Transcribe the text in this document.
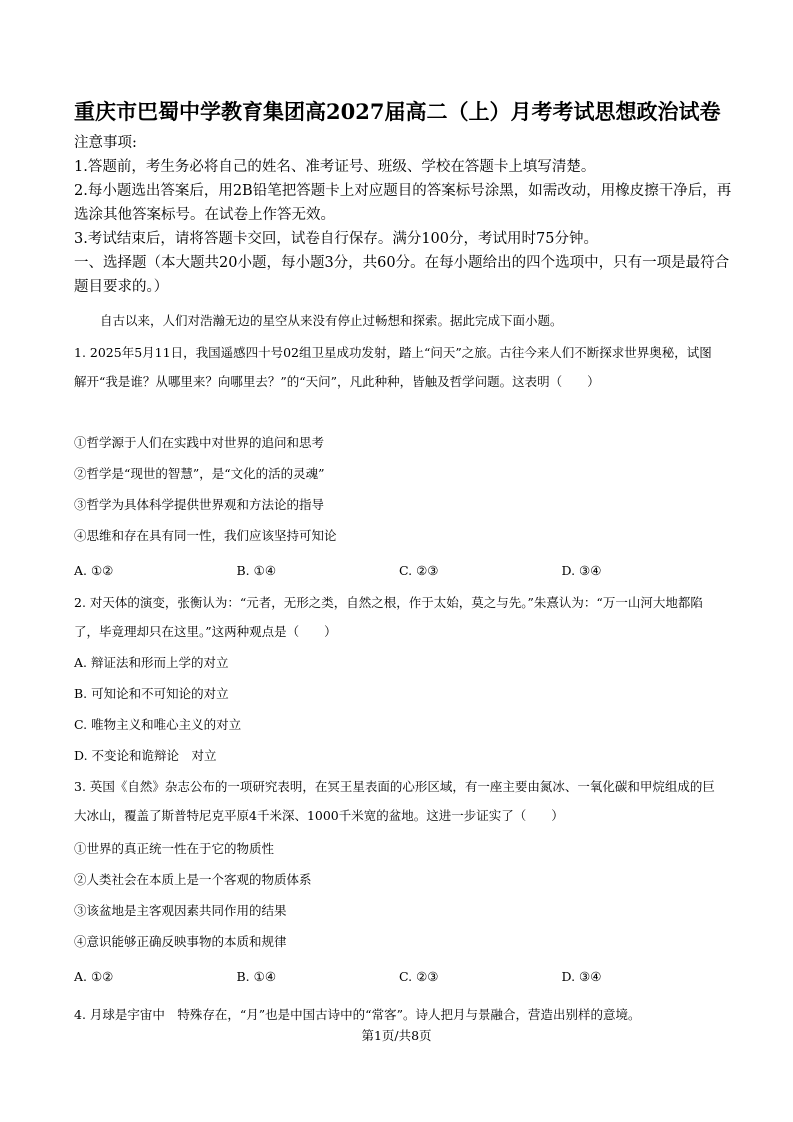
重庆市巴蜀中学教育集团高2027届高二（上）月考考试思想政治试卷
注意事项:
1.答题前，考生务必将自己的姓名、准考证号、班级、学校在答题卡上填写清楚。
2.每小题选出答案后，用2B铅笔把答题卡上对应题目的答案标号涂黑，如需改动，用橡皮擦干净后，再选涂其他答案标号。在试卷上作答无效。
3.考试结束后，请将答题卡交回，试卷自行保存。满分100分，考试用时75分钟。
一、选择题（本大题共20小题，每小题3分，共60分。在每小题给出的四个选项中，只有一项是最符合题目要求的。）
自古以来，人们对浩瀚无边的星空从来没有停止过畅想和探索。据此完成下面小题。
1. 2025年5月11日，我国遥感四十号02组卫星成功发射，踏上“问天”之旅。古往今来人们不断探求世界奥秘，试图解开“我是谁？从哪里来？向哪里去？”的“天问”，凡此种种，皆触及哲学问题。这表明（　　）
①哲学源于人们在实践中对世界的追问和思考
②哲学是“现世的智慧”，是“文化的活的灵魂”
③哲学为具体科学提供世界观和方法论的指导
④思维和存在具有同一性，我们应该坚持可知论
A. ①②	B. ①④	C. ②③	D. ③④
2. 对天体的演变，张衡认为：“元者，无形之类，自然之根，作于太始，莫之与先。”朱熹认为：“万一山河大地都陷了，毕竟理却只在这里。”这两种观点是（　　）
A. 辩证法和形而上学的对立
B. 可知论和不可知论的对立
C. 唯物主义和唯心主义的对立
D. 不变论和诡辩论　对立
3. 英国《自然》杂志公布的一项研究表明，在冥王星表面的心形区域，有一座主要由氮冰、一氧化碳和甲烷组成的巨大冰山，覆盖了斯普特尼克平原4千米深、1000千米宽的盆地。这进一步证实了（　　）
①世界的真正统一性在于它的物质性
②人类社会在本质上是一个客观的物质体系
③该盆地是主客观因素共同作用的结果
④意识能够正确反映事物的本质和规律
A. ①②	B. ①④	C. ②③	D. ③④
4. 月球是宇宙中　特殊存在，“月”也是中国古诗中的“常客”。诗人把月与景融合，营造出别样的意境。
第1页/共8页
